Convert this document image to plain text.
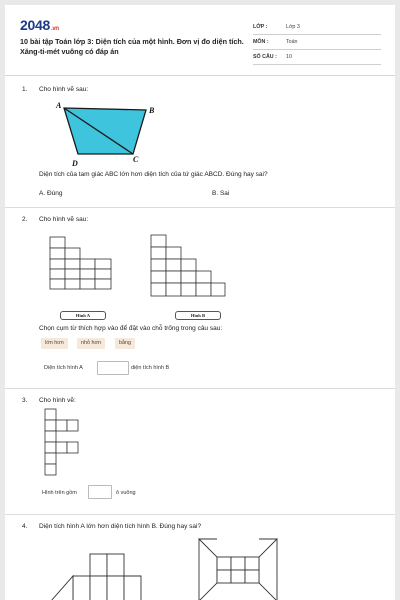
2048.vn
10 bài tập Toán lớp 3: Diện tích của một hình. Đơn vị đo diện tích. Xăng-ti-mét vuông có đáp án
LỚP :	Lớp 3
MÔN :	Toán
SỐ CÂU : 10
1. Cho hình vẽ sau:
A
B
C
D
Diện tích của tam giác ABC lớn hơn diện tích của tứ giác ABCD. Đúng hay sai?
A. Đúng	B. Sai
2. Cho hình vẽ sau:
Hình A	Hình B
Chọn cụm từ thích hợp vào để đặt vào chỗ trống trong câu sau:
lớn hơn	nhỏ hơn	bằng
Diện tích hình A	diện tích hình B
3. Cho hình vẽ:
Hình trên gồm	ô vuông
4. Diện tích hình A lớn hơn diện tích hình B. Đúng hay sai?
